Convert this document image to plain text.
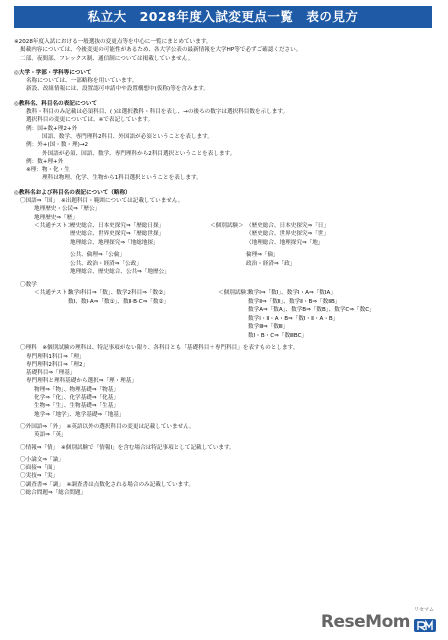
私立大　2028年度入試変更点一覧　表の見方
※2028年度入試における一般選抜の変更点等を中心に一覧にまとめています。
掲載内容については、今後変更の可能性があるため、各大学公表の最新情報を大学HP等で必ずご確認ください。
二部、夜間部、フレックス制、通信制については掲載していません。
◎大学・学部・学科等について
名称については、一部略称を用いています。
新設、改組情報には、設置認可申請中や設置構想中(仮称)等を含みます。
◎教科名、科目名の表記について
教科・科目のみ記載は必須科目、( )は選択教科・科目を表し、→の後ろの数字は選択科目数を示します。
選択科目の変更については、※で表記しています。
例：国+数+理2+外
国語、数学、専門理科2科目、外国語が必須ということを表します。
例：外+(国・数・理)→2
外国語が必須、国語、数学、専門理科から2科目選択ということを表します。
例：数+理+外
※理：物・化・生
理科は物理、化学、生物から1科目選択ということを表します。
◎教科名および科目名の表記について（略称）
〇国語⇒「国」　※出題科目・範囲については記載していません。
地理歴史・公民⇒「歴公」
地理歴史⇒「歴」
＜共通テスト＞
歴史総合、日本史探究⇒「歴総日探」	＜個別試験＞ （歴史総合、日本史探究⇒「日」
歴史総合、世界史探究⇒「歴総世探」	（歴史総合、世界史探究⇒「世」
地理総合、地理探究⇒「地総地探」	（地理総合、地理探究⇒「地」
公共、倫理⇒「公倫」	倫理⇒「倫」
公共、政治・経済⇒「公政」	政治・経済⇒「政」
地理総合、歴史総合、公共⇒「地歴公」
〇数学
＜共通テスト＞
数学Ⅰ科目⇒「数」、数学2科目⇒「数②」	＜個別試験＞
数学Ⅰ⇒「数Ⅰ」、数学Ⅰ・A⇒「数ⅠA」
数Ⅰ、数Ⅰ·A⇒「数①」、数Ⅱ·B·C⇒「数②」	数学Ⅱ⇒「数Ⅱ」、数学Ⅱ・B⇒「数ⅡB」
数学A⇒「数A」、数学B⇒「数B」、数学C⇒「数C」
数学Ⅰ・Ⅱ・A・B⇒「数Ⅰ・Ⅱ・A・B」
数学Ⅲ⇒「数Ⅲ」
数Ⅰ・B・C⇒「数ⅢBC」
〇理科　※個別試験の理科は、特記事項がない限り、各科目とも「基礎科目＋専門科目」を表すものとします。
専門理科1科目⇒「理」
専門理科2科目⇒「理2」
基礎科目⇒「理基」
専門理科と理科基礎から選択⇒「理・理基」
物理⇒「物」、物理基礎⇒「物基」
化学⇒「化」、化学基礎⇒「化基」
生物⇒「生」、生物基礎⇒「生基」
地学⇒「地学」、地学基礎⇒「地基」
〇外国語⇒「外」　※英語以外の選択科目の変更は記載していません。
英語⇒「英」
〇情報⇒「情」　※個別試験で「情報Ⅰ」を含む場合は特記事項として記載しています。
〇小論文⇒「論」
〇面接⇒「面」
〇実技⇒「実」
〇調査書⇒「調」　※調査書は点数化される場合のみ記載しています。
〇総合問題⇒「総合問題」
ReseMom
リセマム
